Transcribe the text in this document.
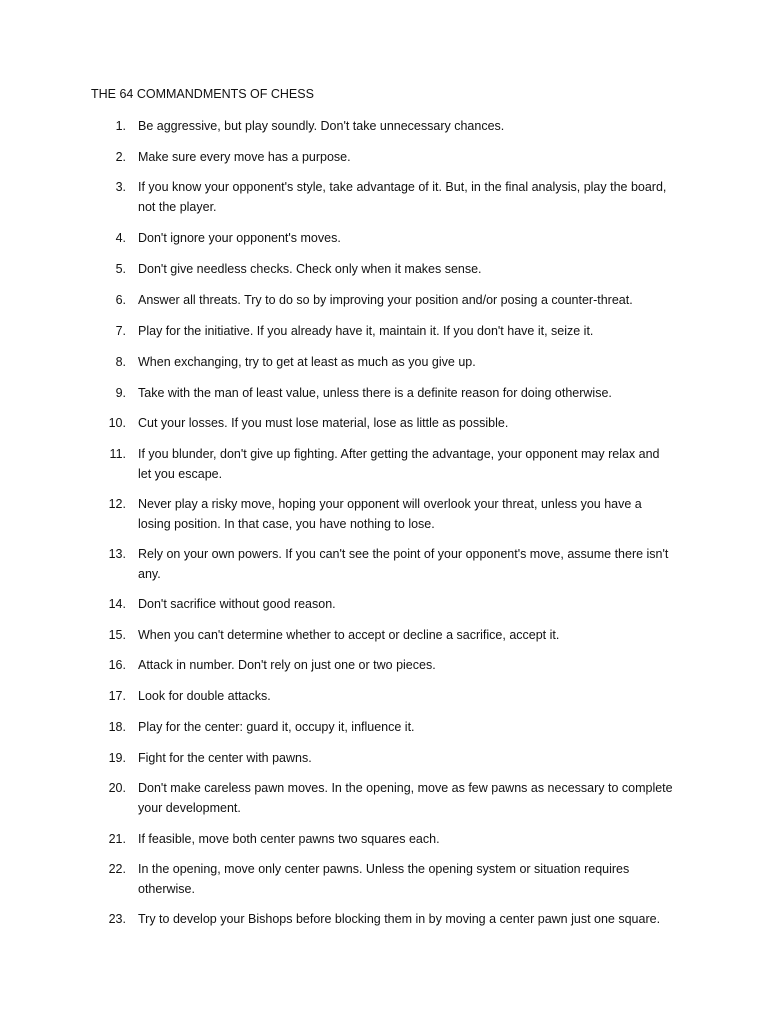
THE 64 COMMANDMENTS OF CHESS
1. Be aggressive, but play soundly. Don't take unnecessary chances.
2. Make sure every move has a purpose.
3. If you know your opponent's style, take advantage of it. But, in the final analysis, play the board, not the player.
4. Don't ignore your opponent's moves.
5. Don't give needless checks. Check only when it makes sense.
6. Answer all threats. Try to do so by improving your position and/or posing a counter-threat.
7. Play for the initiative. If you already have it, maintain it. If you don't have it, seize it.
8. When exchanging, try to get at least as much as you give up.
9. Take with the man of least value, unless there is a definite reason for doing otherwise.
10. Cut your losses. If you must lose material, lose as little as possible.
11. If you blunder, don't give up fighting. After getting the advantage, your opponent may relax and let you escape.
12. Never play a risky move, hoping your opponent will overlook your threat, unless you have a losing position. In that case, you have nothing to lose.
13. Rely on your own powers. If you can't see the point of your opponent's move, assume there isn't any.
14. Don't sacrifice without good reason.
15. When you can't determine whether to accept or decline a sacrifice, accept it.
16. Attack in number. Don't rely on just one or two pieces.
17. Look for double attacks.
18. Play for the center: guard it, occupy it, influence it.
19. Fight for the center with pawns.
20. Don't make careless pawn moves. In the opening, move as few pawns as necessary to complete your development.
21. If feasible, move both center pawns two squares each.
22. In the opening, move only center pawns. Unless the opening system or situation requires otherwise.
23. Try to develop your Bishops before blocking them in by moving a center pawn just one square.
